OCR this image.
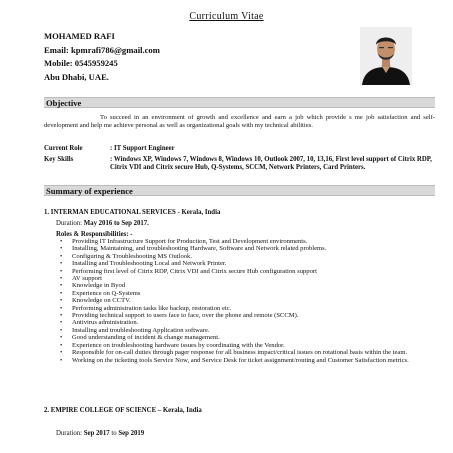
Curriculum Vitae
MOHAMED RAFI
Email: kpmrafi786@gmail.com
Mobile: 0545959245
Abu Dhabi, UAE.
Objective
To succeed in an environment of growth and excellence and earn a job which provide s me job satisfaction and self-development and help me achieve personal as well as organizational goals with my technical abilities.
Current Role	: IT Support Engineer
Key Skills	: Windows XP, Windows 7, Windows 8, Windows 10, Outlook 2007, 10, 13,16, First level support of Citrix RDP, Citrix VDI and Citrix secure Hub, Q-Systems, SCCM, Network Printers, Card Printers.
Summary of experience
1. INTERMAN EDUCATIONAL SERVICES - Kerala, India
Duration: May 2016 to Sep 2017.
Roles & Responsibilities: -
• Providing IT Infrastructure Support for Production, Test and Development environments.
• Installing, Maintaining, and troubleshooting Hardware, Software and Network related problems.
• Configuring & Troubleshooting MS Outlook.
• Installing and Troubleshooting Local and Network Printer.
• Performing first level of Citrix RDP, Citrix VDI and Citrix secure Hub configuration support
• AV support
• Knowledge in Byod
• Experience on Q-Systems
• Knowledge on CCTV.
• Performing administration tasks like backup, restoration etc.
• Providing technical support to users face to face, over the phone and remote (SCCM).
• Antivirus administration.
• Installing and troubleshooting Application software.
• Good understanding of incident & change management.
• Experience on troubleshooting hardware issues by coordinating with the Vendor.
• Responsible for on-call duties through pager response for all business impact/critical issues on rotational basis within the team.
• Working on the ticketing tools Service Now, and Service Desk for ticket assignment/routing and Customer Satisfaction metrics.
2. EMPIRE COLLEGE OF SCIENCE – Kerala, India
Duration: Sep 2017 to Sep 2019
